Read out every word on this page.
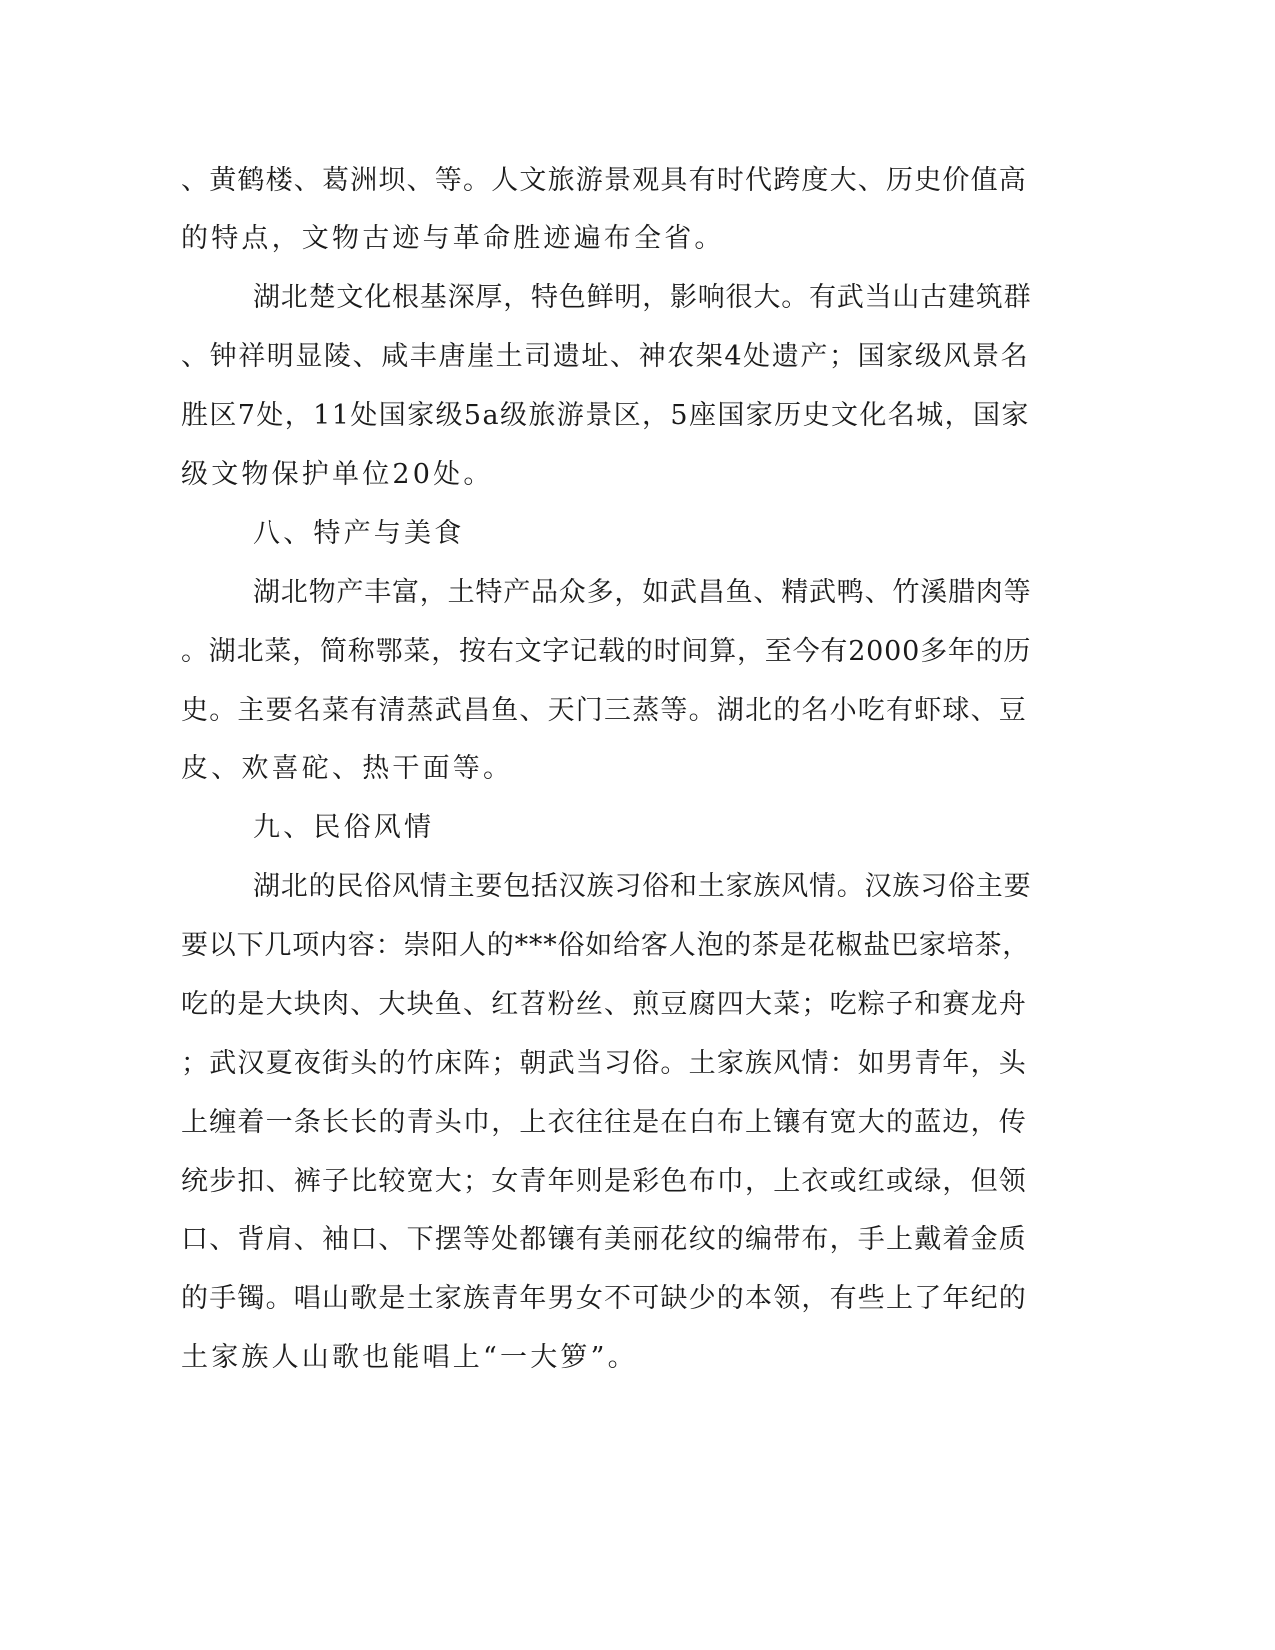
、黄鹤楼、葛洲坝、等。人文旅游景观具有时代跨度大、历史价值高
的特点，文物古迹与革命胜迹遍布全省。
湖北楚文化根基深厚，特色鲜明，影响很大。有武当山古建筑群
、钟祥明显陵、咸丰唐崖土司遗址、神农架4处遗产；国家级风景名
胜区7处，11处国家级5a级旅游景区，5座国家历史文化名城，国家
级文物保护单位20处。
八、特产与美食
湖北物产丰富，土特产品众多，如武昌鱼、精武鸭、竹溪腊肉等
。湖北菜，简称鄂菜，按右文字记载的时间算，至今有2000多年的历
史。主要名菜有清蒸武昌鱼、天门三蒸等。湖北的名小吃有虾球、豆
皮、欢喜砣、热干面等。
九、民俗风情
湖北的民俗风情主要包括汉族习俗和土家族风情。汉族习俗主要
要以下几项内容：崇阳人的***俗如给客人泡的茶是花椒盐巴家培茶，
吃的是大块肉、大块鱼、红苕粉丝、煎豆腐四大菜；吃粽子和赛龙舟
；武汉夏夜街头的竹床阵；朝武当习俗。土家族风情：如男青年，头
上缠着一条长长的青头巾，上衣往往是在白布上镶有宽大的蓝边，传
统步扣、裤子比较宽大；女青年则是彩色布巾，上衣或红或绿，但领
口、背肩、袖口、下摆等处都镶有美丽花纹的编带布，手上戴着金质
的手镯。唱山歌是土家族青年男女不可缺少的本领，有些上了年纪的
土家族人山歌也能唱上“一大箩”。
